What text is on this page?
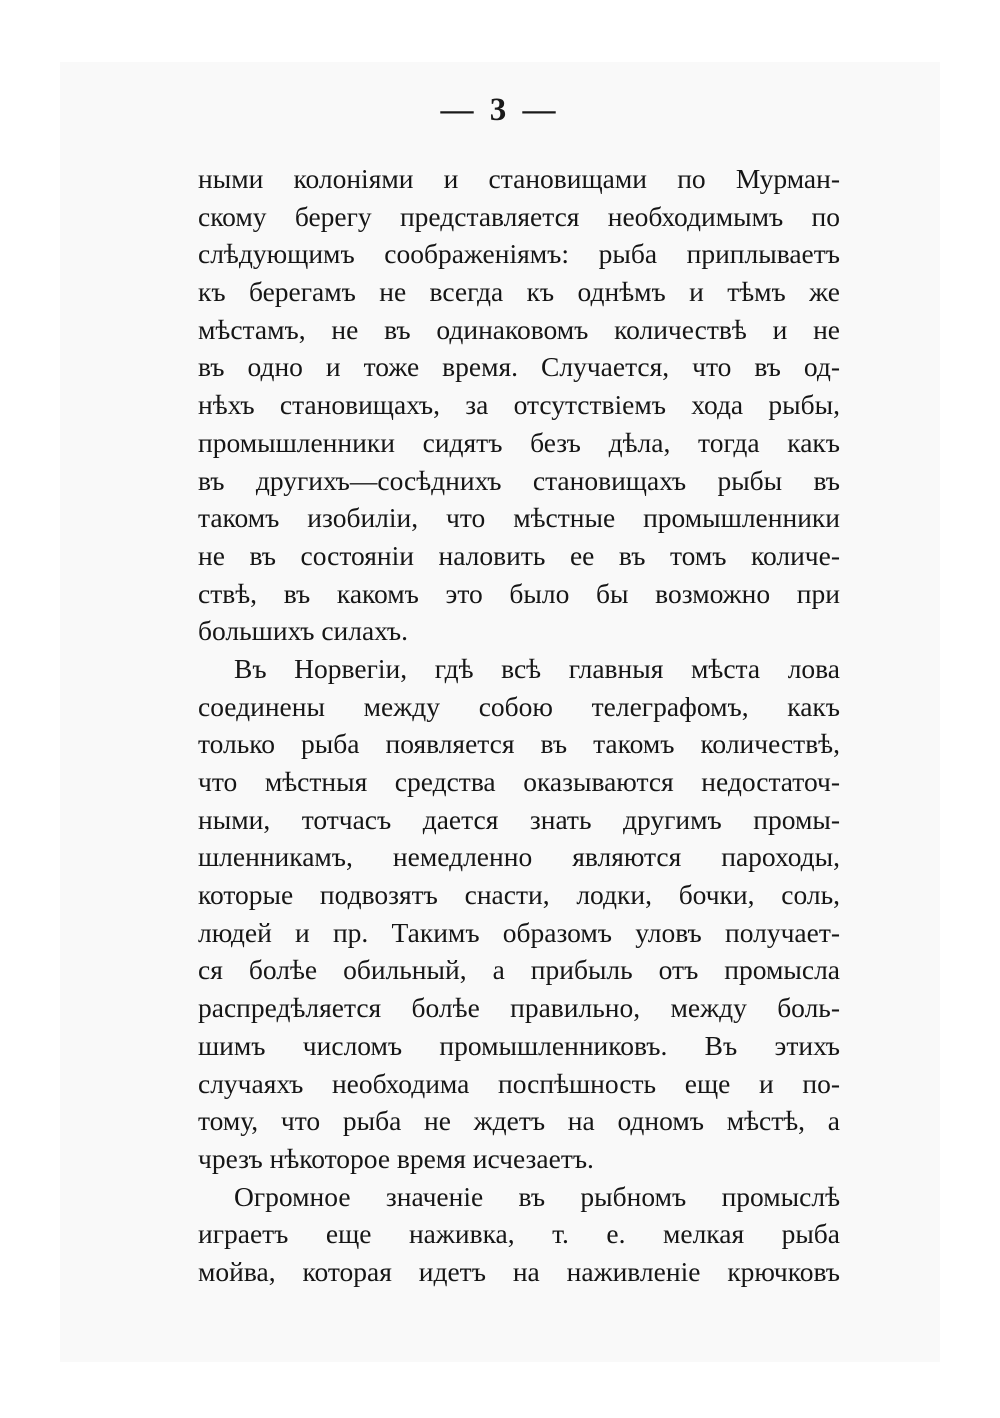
— 3 —
ными колоніями и становищами по Мурман-
скому берегу представляется необходимымъ по
слѣдующимъ соображеніямъ: рыба приплываетъ
къ берегамъ не всегда къ однѣмъ и тѣмъ же
мѣстамъ, не въ одинаковомъ количествѣ и не
въ одно и тоже время. Случается, что въ од-
нѣхъ становищахъ, за отсутствіемъ хода рыбы,
промышленники сидятъ безъ дѣла, тогда какъ
въ другихъ—сосѣднихъ становищахъ рыбы въ
такомъ изобиліи, что мѣстные промышленники
не въ состояніи наловить ее въ томъ количе-
ствѣ, въ какомъ это было бы возможно при
большихъ силахъ.
Въ Норвегіи, гдѣ всѣ главныя мѣста лова
соединены между собою телеграфомъ, какъ
только рыба появляется въ такомъ количествѣ,
что мѣстныя средства оказываются недостаточ-
ными, тотчасъ дается знать другимъ промы-
шленникамъ, немедленно являются пароходы,
которые подвозятъ снасти, лодки, бочки, соль,
людей и пр. Такимъ образомъ уловъ получает-
ся болѣе обильный, а прибыль отъ промысла
распредѣляется болѣе правильно, между боль-
шимъ числомъ промышленниковъ. Въ этихъ
случаяхъ необходима поспѣшность еще и по-
тому, что рыба не ждетъ на одномъ мѣстѣ, а
чрезъ нѣкоторое время исчезаетъ.
Огромное значеніе въ рыбномъ промыслѣ
играетъ еще наживка, т. е. мелкая рыба
мойва, которая идетъ на наживленіе крючковъ
